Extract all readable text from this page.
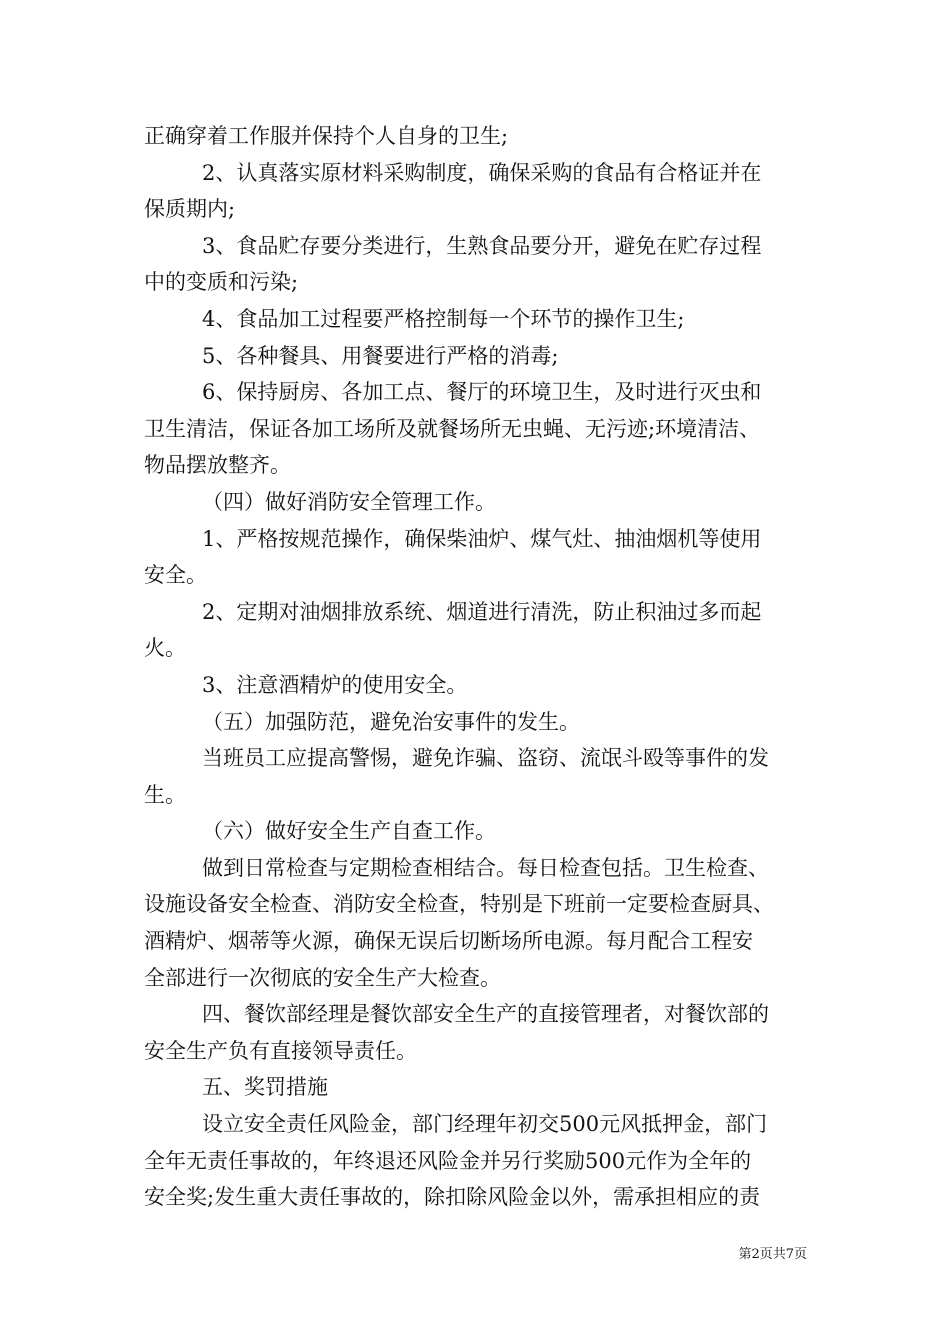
正确穿着工作服并保持个人自身的卫生;
2、认真落实原材料采购制度，确保采购的食品有合格证并在
保质期内;
3、食品贮存要分类进行，生熟食品要分开，避免在贮存过程
中的变质和污染;
4、食品加工过程要严格控制每一个环节的操作卫生;
5、各种餐具、用餐要进行严格的消毒;
6、保持厨房、各加工点、餐厅的环境卫生，及时进行灭虫和
卫生清洁，保证各加工场所及就餐场所无虫蝇、无污迹;环境清洁、
物品摆放整齐。
（四）做好消防安全管理工作。
1、严格按规范操作，确保柴油炉、煤气灶、抽油烟机等使用
安全。
2、定期对油烟排放系统、烟道进行清洗，防止积油过多而起
火。
3、注意酒精炉的使用安全。
（五）加强防范，避免治安事件的发生。
当班员工应提高警惕，避免诈骗、盗窃、流氓斗殴等事件的发
生。
（六）做好安全生产自查工作。
做到日常检查与定期检查相结合。每日检查包括。卫生检查、
设施设备安全检查、消防安全检查，特别是下班前一定要检查厨具、
酒精炉、烟蒂等火源，确保无误后切断场所电源。每月配合工程安
全部进行一次彻底的安全生产大检查。
四、餐饮部经理是餐饮部安全生产的直接管理者，对餐饮部的
安全生产负有直接领导责任。
五、奖罚措施
设立安全责任风险金，部门经理年初交500元风抵押金，部门
全年无责任事故的，年终退还风险金并另行奖励500元作为全年的
安全奖;发生重大责任事故的，除扣除风险金以外，需承担相应的责
第2页共7页
